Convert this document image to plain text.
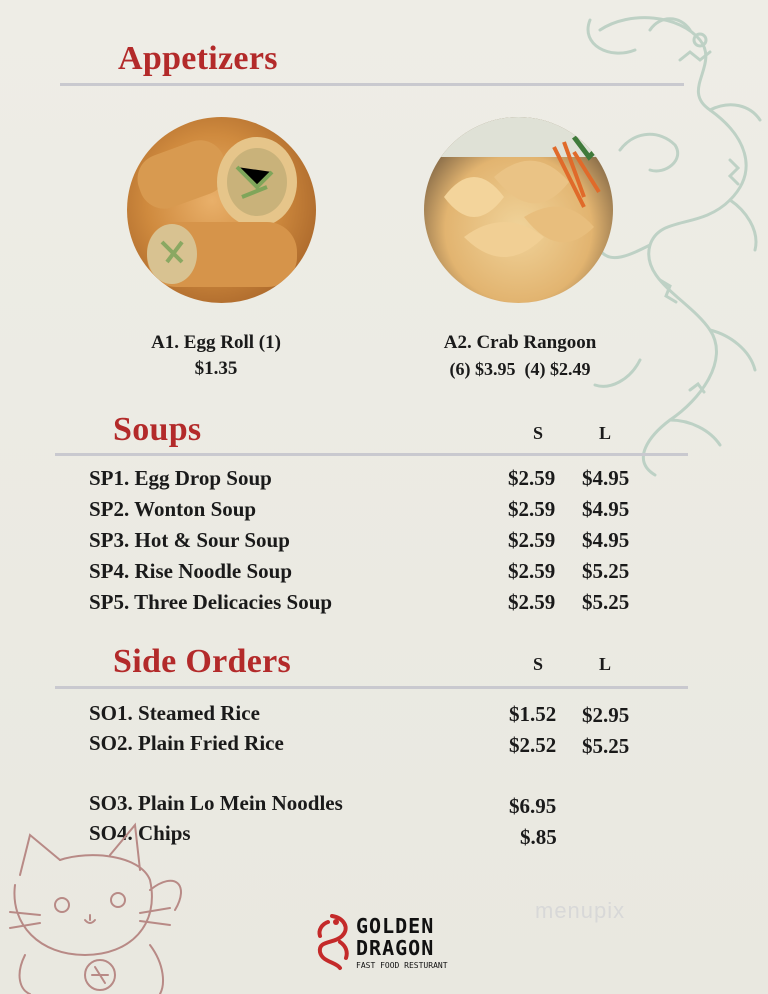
Appetizers
A1. Egg Roll (1)
$1.35
A2. Crab Rangoon
(6) $3.95  (4) $2.49
Soups	S	L
SP1. Egg Drop Soup	$2.59 $4.95
SP2. Wonton Soup	$2.59 $4.95
SP3. Hot & Sour Soup	$2.59 $4.95
SP4. Rise Noodle Soup	$2.59 $5.25
SP5. Three Delicacies Soup	$2.59 $5.25
Side Orders	S	L
SO1. Steamed Rice	$1.52 $2.95
SO2. Plain Fried Rice	$2.52 $5.25
SO3. Plain Lo Mein Noodles	$6.95
SO4. Chips	$.85
menupix
GOLDEN
DRAGON
FAST FOOD RESTURANT
